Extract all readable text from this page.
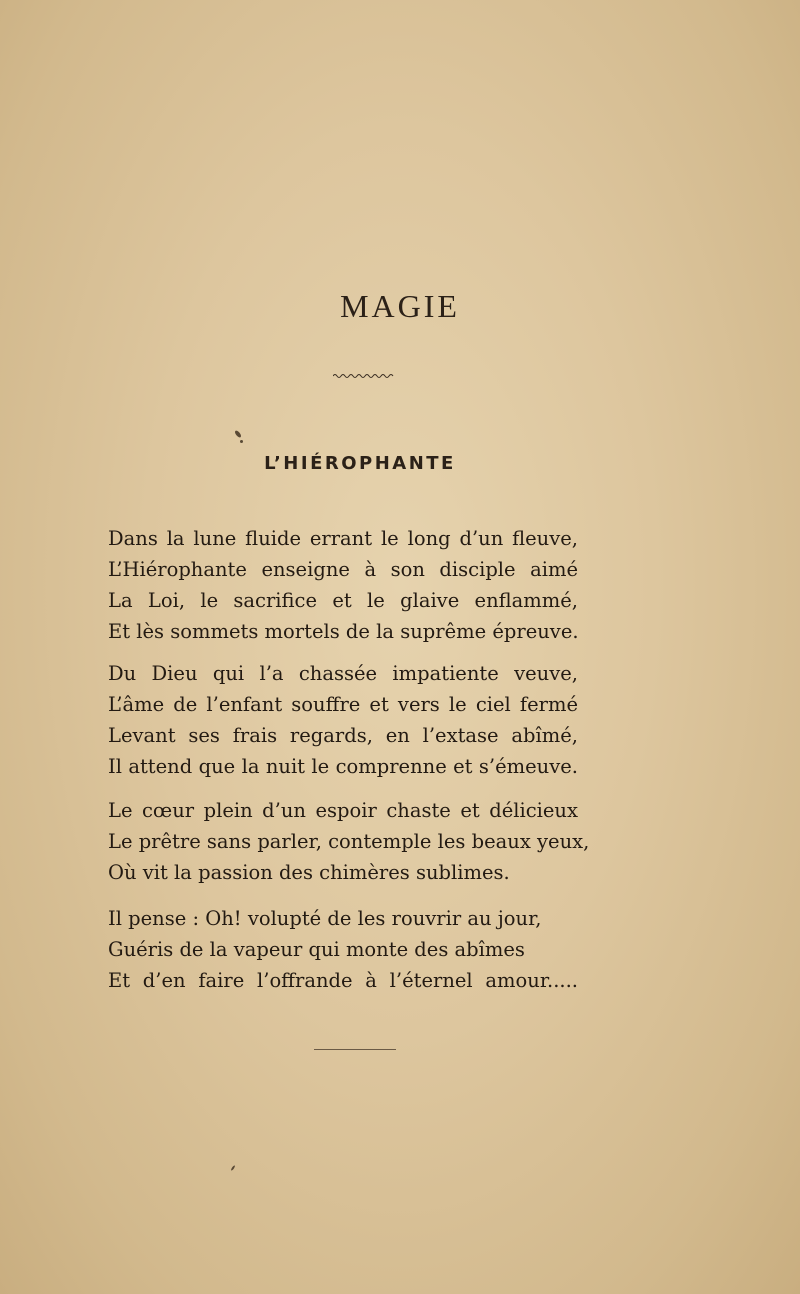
MAGIE
L’HIÉROPHANTE
Dans la lune fluide errant le long d’un fleuve,
L’Hiérophante enseigne à son disciple aimé
La Loi, le sacrifice et le glaive enflammé,
Et lès sommets mortels de la suprême épreuve.
Du Dieu qui l’a chassée impatiente veuve,
L’âme de l’enfant souffre et vers le ciel fermé
Levant ses frais regards, en l’extase abîmé,
Il attend que la nuit le comprenne et s’émeuve.
Le cœur plein d’un espoir chaste et délicieux
Le prêtre sans parler, contemple les beaux yeux,
Où vit la passion des chimères sublimes.
Il pense : Oh! volupté de les rouvrir au jour,
Guéris de la vapeur qui monte des abîmes
Et d’en faire l’offrande à l’éternel amour.....
